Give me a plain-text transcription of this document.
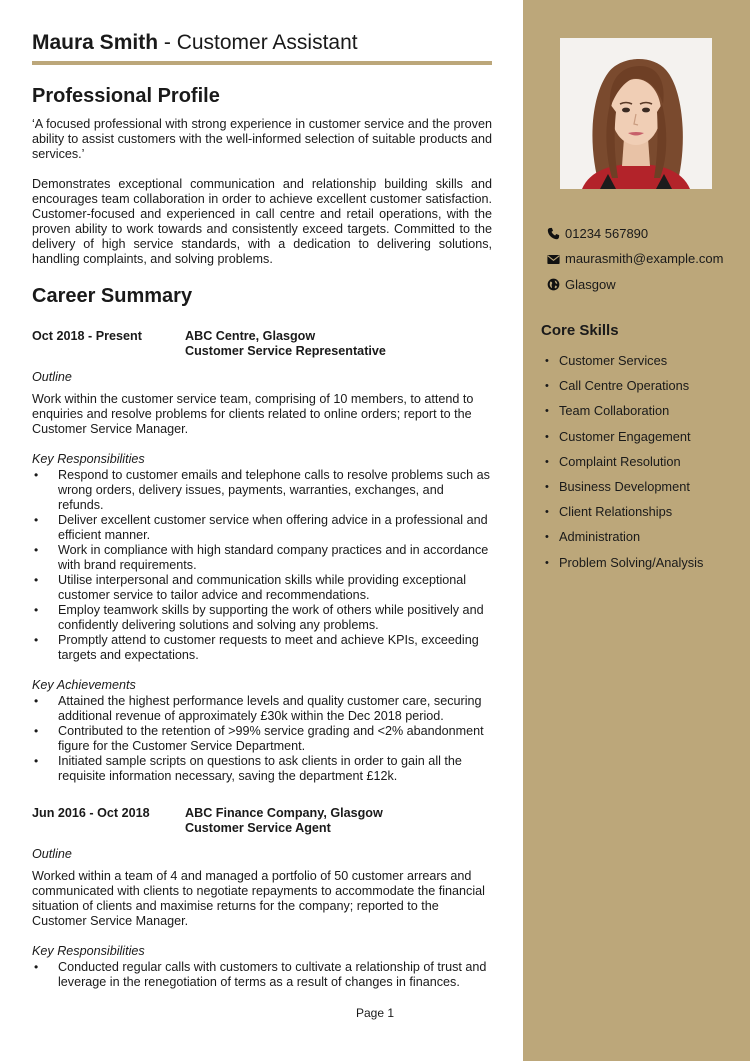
Maura Smith - Customer Assistant
Professional Profile

‘A focused professional with strong experience in customer service and the proven ability to assist customers with the well-informed selection of suitable products and services.’

Demonstrates exceptional communication and relationship building skills and encourages team collaboration in order to achieve excellent customer satisfaction. Customer-focused and experienced in call centre and retail operations, with the proven ability to work towards and consistently exceed targets. Committed to the delivery of high service standards, with a dedication to delivering solutions, handling complaints, and solving problems.

Career Summary
Oct 2018 - Present	ABC Centre, Glasgow
Customer Service Representative
Outline

Work within the customer service team, comprising of 10 members, to attend to enquiries and resolve problems for clients related to online orders; report to the Customer Service Manager.

Key Responsibilities
• Respond to customer emails and telephone calls to resolve problems such as wrong orders, delivery issues, payments, warranties, exchanges, and refunds.
• Deliver excellent customer service when offering advice in a professional and efficient manner.
• Work in compliance with high standard company practices and in accordance with brand requirements.
• Utilise interpersonal and communication skills while providing exceptional customer service to tailor advice and recommendations.
• Employ teamwork skills by supporting the work of others while positively and confidently delivering solutions and solving any problems.
• Promptly attend to customer requests to meet and achieve KPIs, exceeding targets and expectations.
Key Achievements
• Attained the highest performance levels and quality customer care, securing additional revenue of approximately £30k within the Dec 2018 period.
• Contributed to the retention of >99% service grading and <2% abandonment figure for the Customer Service Department.
• Initiated sample scripts on questions to ask clients in order to gain all the requisite information necessary, saving the department £12k.
Jun 2016 - Oct 2018	ABC Finance Company, Glasgow
Customer Service Agent
Outline

Worked within a team of 4 and managed a portfolio of 50 customer arrears and communicated with clients to negotiate repayments to accommodate the financial situation of clients and maximise returns for the company; reported to the Customer Service Manager.

Key Responsibilities
• Conducted regular calls with customers to cultivate a relationship of trust and leverage in the renegotiation of terms as a result of changes in finances.
Page 1
01234 567890
maurasmith@example.com
Glasgow
Core Skills
• Customer Services
• Call Centre Operations
• Team Collaboration
• Customer Engagement
• Complaint Resolution
• Business Development
• Client Relationships
• Administration
• Problem Solving/Analysis
